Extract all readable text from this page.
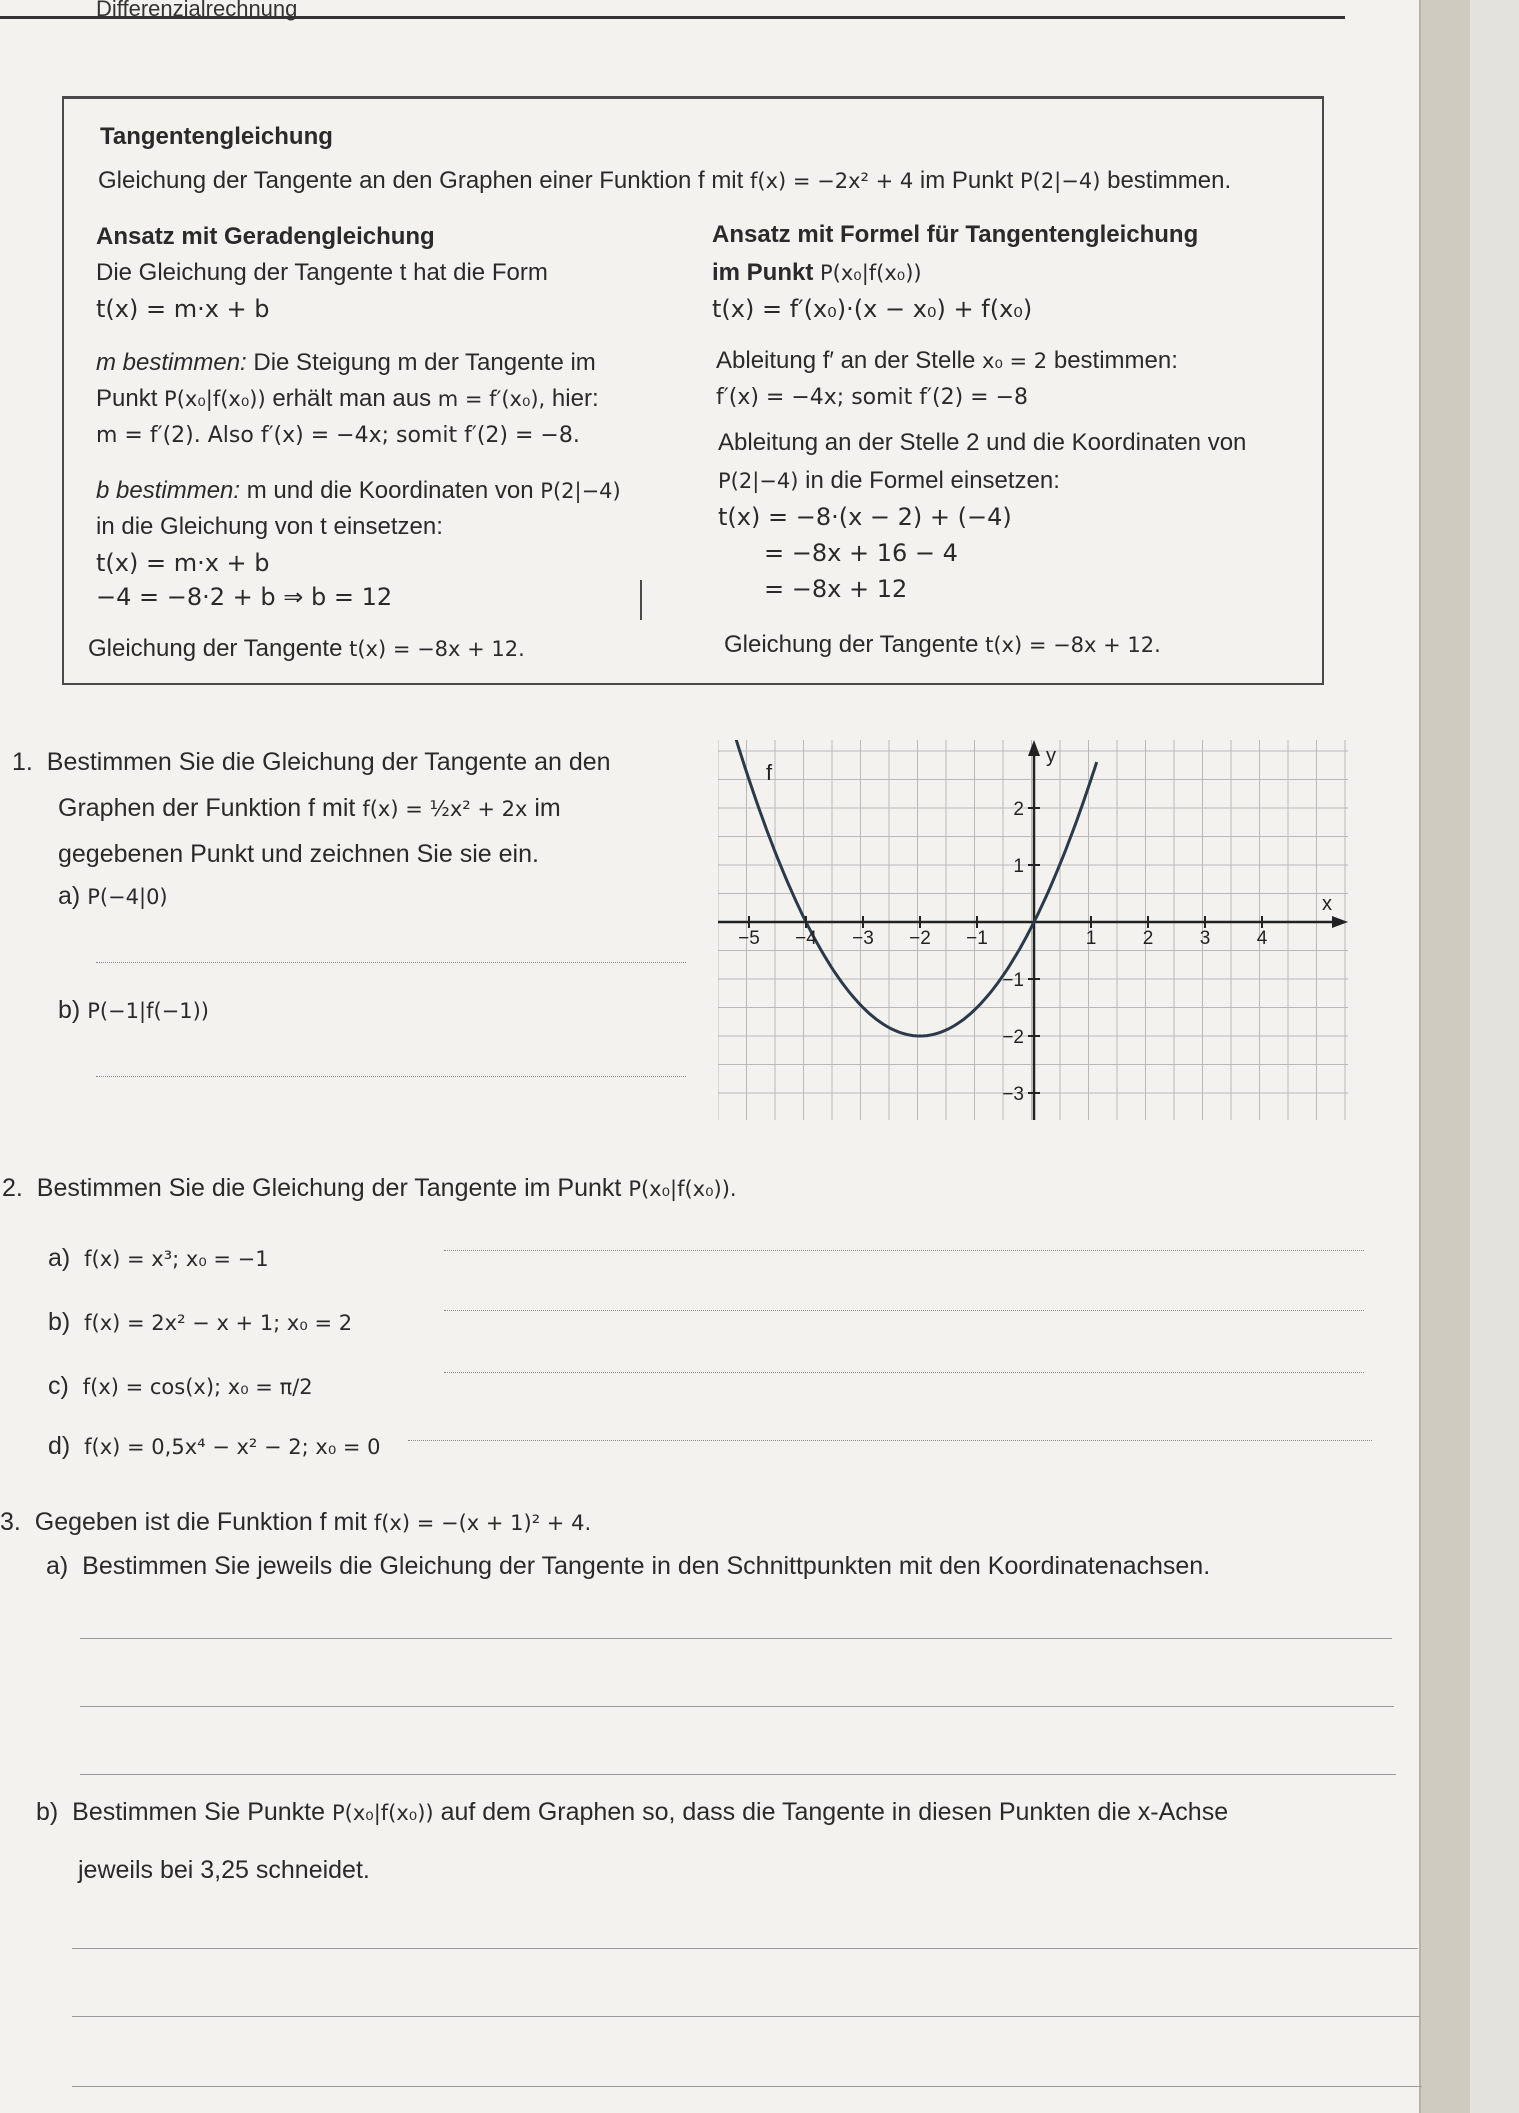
Differenzialrechnung
Tangentengleichung
Gleichung der Tangente an den Graphen einer Funktion f mit f(x) = −2x² + 4 im Punkt P(2|−4) bestimmen.
Ansatz mit Geradengleichung
Die Gleichung der Tangente t hat die Form
t(x) = m·x + b
m bestimmen: Die Steigung m der Tangente im
Punkt P(x₀|f(x₀)) erhält man aus m = f′(x₀), hier:
m = f′(2). Also f′(x) = −4x; somit f′(2) = −8.
b bestimmen: m und die Koordinaten von P(2|−4)
in die Gleichung von t einsetzen:
t(x) = m·x + b
−4 = −8·2 + b ⇒ b = 12
Gleichung der Tangente t(x) = −8x + 12.
Ansatz mit Formel für Tangentengleichung
im Punkt P(x₀|f(x₀))
t(x) = f′(x₀)·(x − x₀) + f(x₀)
Ableitung f′ an der Stelle x₀ = 2 bestimmen:
f′(x) = −4x; somit f′(2) = −8
Ableitung an der Stelle 2 und die Koordinaten von
P(2|−4) in die Formel einsetzen:
t(x) = −8·(x − 2) + (−4)
= −8x + 16 − 4
= −8x + 12
Gleichung der Tangente t(x) = −8x + 12.
1. Bestimmen Sie die Gleichung der Tangente an den
Graphen der Funktion f mit f(x) = ½x² + 2x im
gegebenen Punkt und zeichnen Sie sie ein.
a) P(−4|0)
b) P(−1|f(−1))
−5 −4 −3 −2 −1	1 2 3 4
2
1
−1
−2
−3
f
x
y
2. Bestimmen Sie die Gleichung der Tangente im Punkt P(x₀|f(x₀)).
a) f(x) = x³; x₀ = −1
b) f(x) = 2x² − x + 1; x₀ = 2
c) f(x) = cos(x); x₀ = π/2
d) f(x) = 0,5x⁴ − x² − 2; x₀ = 0
3. Gegeben ist die Funktion f mit f(x) = −(x + 1)² + 4.
a) Bestimmen Sie jeweils die Gleichung der Tangente in den Schnittpunkten mit den Koordinatenachsen.
b) Bestimmen Sie Punkte P(x₀|f(x₀)) auf dem Graphen so, dass die Tangente in diesen Punkten die x-Achse
jeweils bei 3,25 schneidet.
